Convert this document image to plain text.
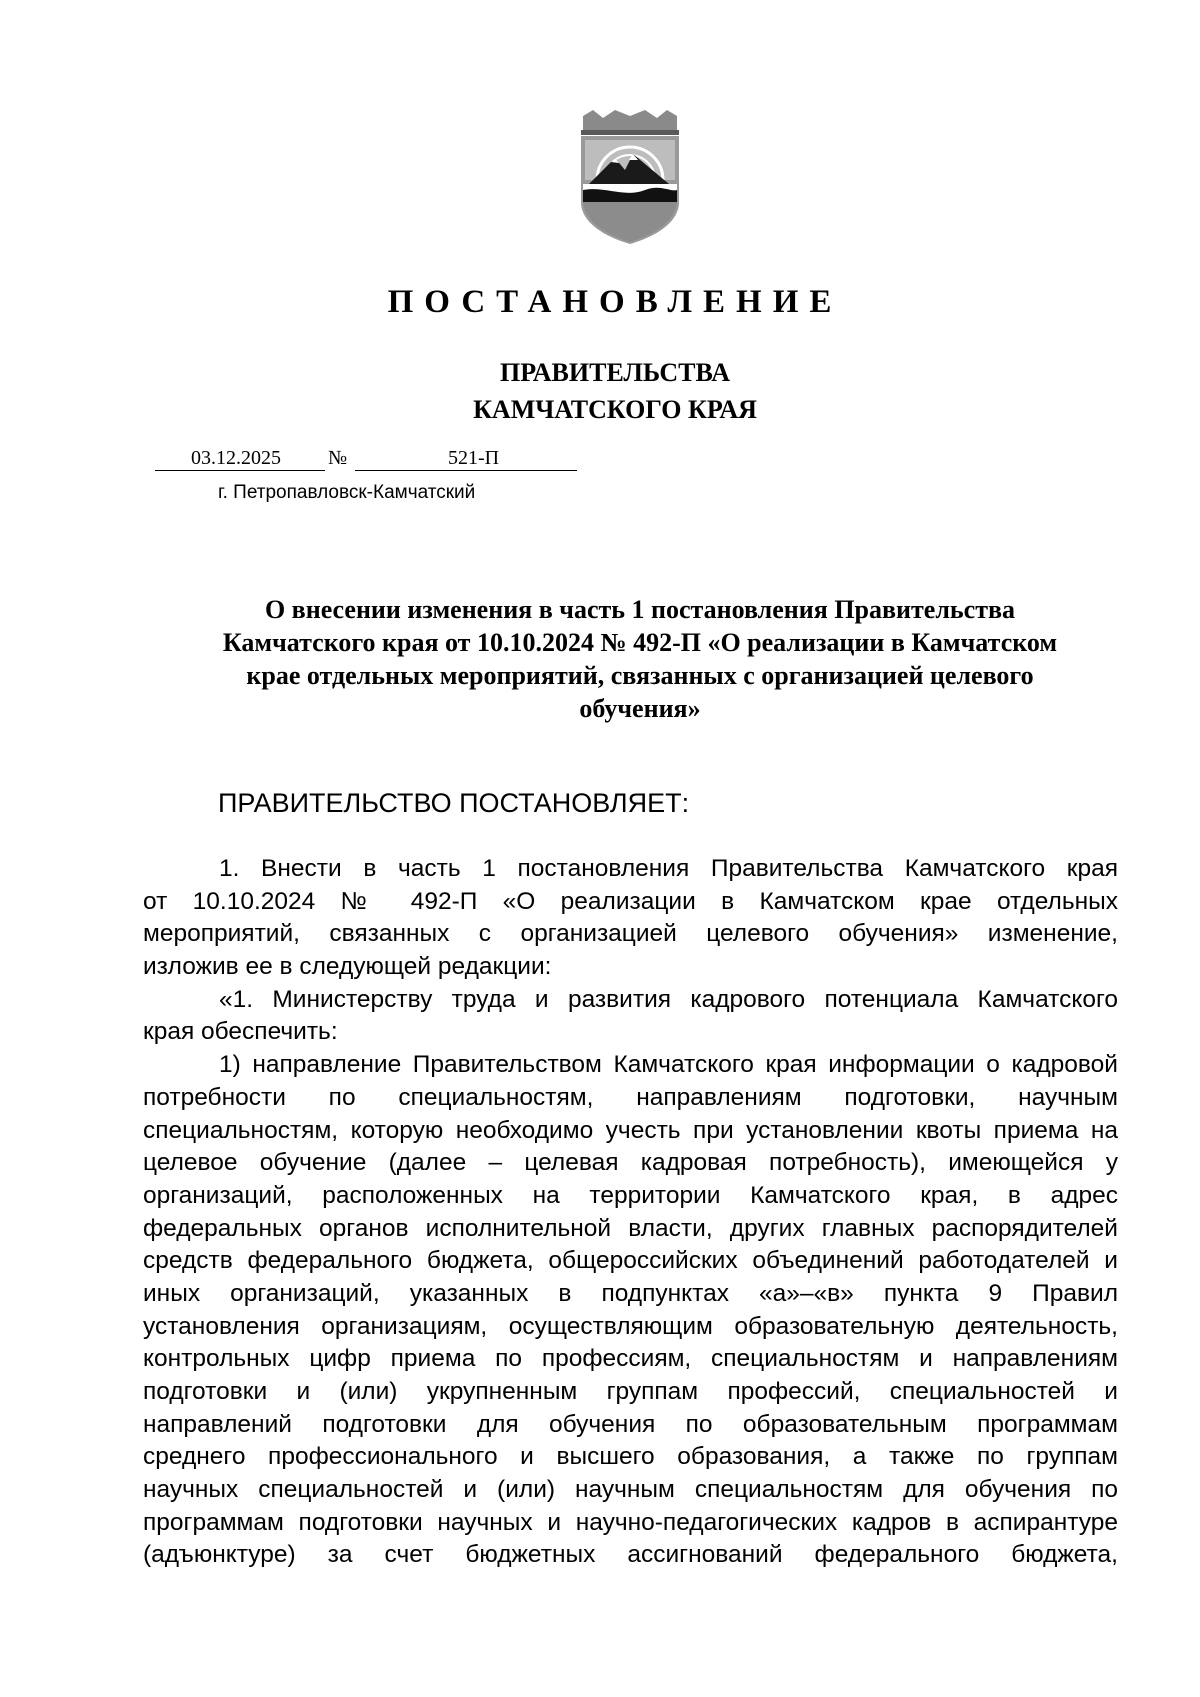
ПОСТАНОВЛЕНИЕ
ПРАВИТЕЛЬСТВА
КАМЧАТСКОГО КРАЯ
03.12.2025 №	521-П
г. Петропавловск-Камчатский
О внесении изменения в часть 1 постановления Правительства
Камчатского края от 10.10.2024 № 492-П «О реализации в Камчатском
крае отдельных мероприятий, связанных с организацией целевого
обучения»
ПРАВИТЕЛЬСТВО ПОСТАНОВЛЯЕТ:
1. Внести в часть 1 постановления Правительства Камчатского края
от 10.10.2024 № 492-П «О реализации в Камчатском крае отдельных
мероприятий, связанных с организацией целевого обучения» изменение,
изложив ее в следующей редакции:
«1. Министерству труда и развития кадрового потенциала Камчатского
края обеспечить:
1) направление Правительством Камчатского края информации о кадровой
потребности по специальностям, направлениям подготовки, научным
специальностям, которую необходимо учесть при установлении квоты приема на
целевое обучение (далее – целевая кадровая потребность), имеющейся у
организаций, расположенных на территории Камчатского края, в адрес
федеральных органов исполнительной власти, других главных распорядителей
средств федерального бюджета, общероссийских объединений работодателей и
иных организаций, указанных в подпунктах «а»–«в» пункта 9 Правил
установления организациям, осуществляющим образовательную деятельность,
контрольных цифр приема по профессиям, специальностям и направлениям
подготовки и (или) укрупненным группам профессий, специальностей и
направлений подготовки для обучения по образовательным программам
среднего профессионального и высшего образования, а также по группам
научных специальностей и (или) научным специальностям для обучения по
программам подготовки научных и научно-педагогических кадров в аспирантуре
(адъюнктуре) за счет бюджетных ассигнований федерального бюджета,
